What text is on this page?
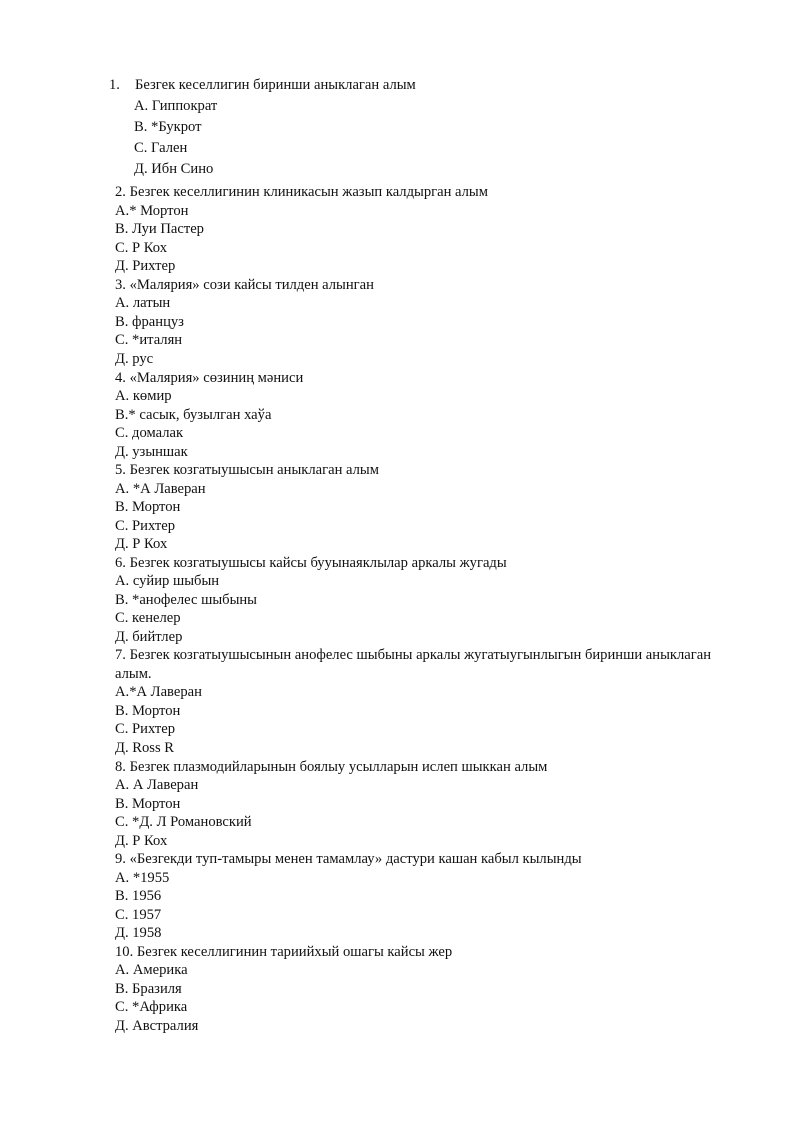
1. Безгек кеселлигин биринши аныклаган алым
А. Гиппократ
В. *Букрот
С. Гален
Д. Ибн Сино
2. Безгек кеселлигинин клиникасын жазып калдырган алым
А.* Мортон
В. Луи Пастер
С. Р Кох
Д. Рихтер
3. «Малярия» сози кайсы тилден алынган
А. латын
В. француз
С. *италян
Д. рус
4. «Малярия» сөзиниң мәниси
А. көмир
В.* сасык, бузылган хаўа
С. домалак
Д. узыншак
5. Безгек козгатыушысын аныклаган алым
А. *А Лаверан
В. Мортон
С. Рихтер
Д. Р Кох
6. Безгек козгатыушысы кайсы бууынаяклылар аркалы жугады
А. суйир шыбын
В. *анофелес шыбыны
С. кенелер
Д. бийтлер
7. Безгек козгатыушысынын анофелес шыбыны аркалы жугатыугынлыгын биринши аныклаган алым.
А.*А Лаверан
В. Мортон
С. Рихтер
Д. Ross R
8. Безгек плазмодийларынын боялыу усылларын ислеп шыккан алым
А. А Лаверан
В. Мортон
С. *Д. Л Романовский
Д. Р Кох
9. «Безгекди туп-тамыры менен тамамлау» дастури кашан кабыл кылынды
А. *1955
В. 1956
С. 1957
Д. 1958
10. Безгек кеселлигинин тариийхый ошагы кайсы жер
А. Америка
В. Бразиля
С. *Африка
Д. Австралия
